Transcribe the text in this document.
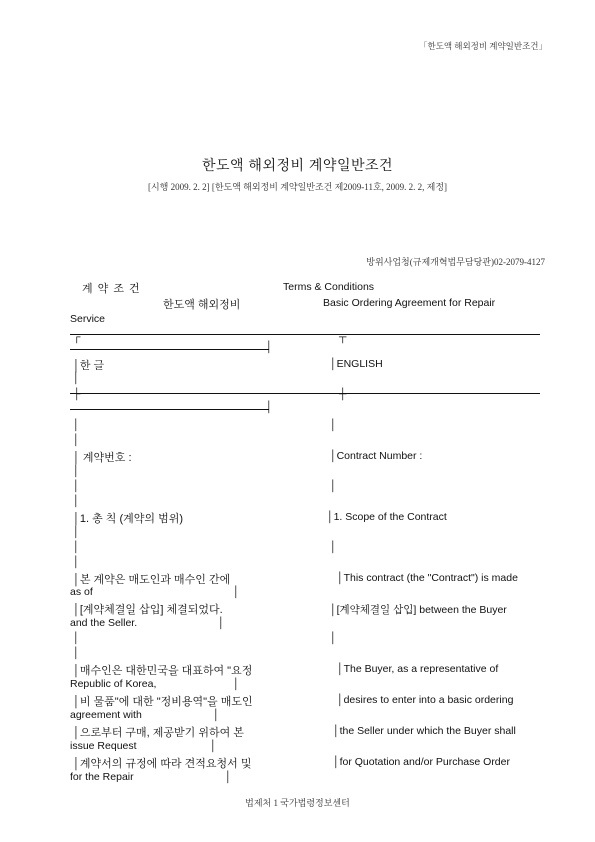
「한도액 해외정비 계약일반조건」
한도액 해외정비 계약일반조건
[시행 2009. 2. 2] [한도액 해외정비 계약일반조건 제2009-11호, 2009. 2. 2, 제정]
방위사업청(규제개혁법무담당관)02-2079-4127
계 약 조 건	Terms & Conditions
한도액 해외정비	Basic Ordering Agreement for Repair
Service
┌	┬
│
│한 글	│ENGLISH
│
├	┼
│
│	│
│
│ 계약번호 :	│Contract Number :
│
│	│
│
│1. 총 칙 (계약의 범위)	│1. Scope of the Contract
│
│	│
│
│본 계약은 매도인과 매수인 간에	│This contract (the "Contract") is made
as of	│
│[계약체결일 삽입] 체결되었다.	│[계약체결일 삽입] between the Buyer
and the Seller.	│
│	│
│
│매수인은 대한민국을 대표하여 "요정	│The Buyer, as a representative of
Republic of Korea,	│
│비 물품"에 대한 "정비용역"을 매도인	│desires to enter into a basic ordering
agreement with	│
│으로부터 구매, 제공받기 위하여 본	│the Seller under which the Buyer shall
issue Request	│
│계약서의 규정에 따라 견적요청서 및	│for Quotation and/or Purchase Order
for the Repair	│
법제처 1 국가법령정보센터
